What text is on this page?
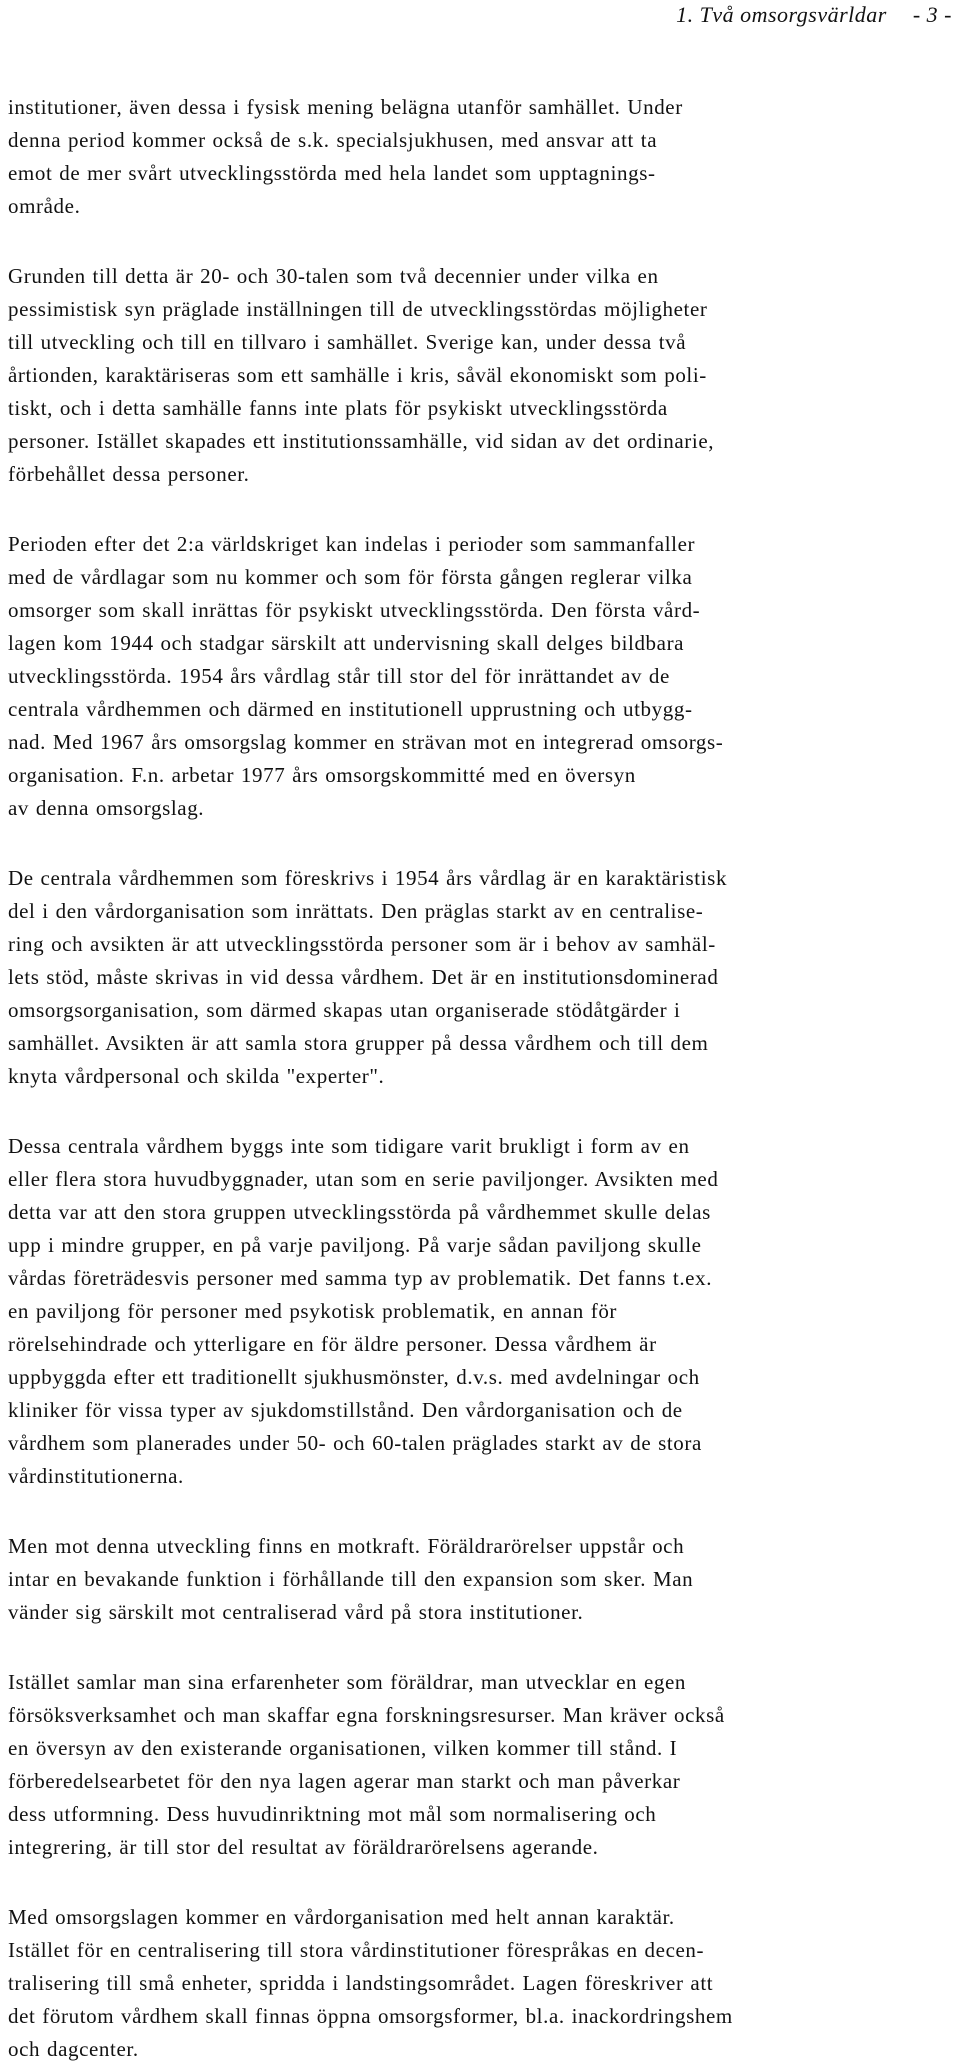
1. Två omsorgsvärldar - 3 -

institutioner, även dessa i fysisk mening belägna utanför samhället. Under
denna period kommer också de s.k. specialsjukhusen, med ansvar att ta
emot de mer svårt utvecklingsstörda med hela landet som upptagnings-
område.

Grunden till detta är 20- och 30-talen som två decennier under vilka en
pessimistisk syn präglade inställningen till de utvecklingsstördas möjligheter
till utveckling och till en tillvaro i samhället. Sverige kan, under dessa två
årtionden, karaktäriseras som ett samhälle i kris, såväl ekonomiskt som poli-
tiskt, och i detta samhälle fanns inte plats för psykiskt utvecklingsstörda
personer. Istället skapades ett institutionssamhälle, vid sidan av det ordinarie,
förbehållet dessa personer.

Perioden efter det 2:a världskriget kan indelas i perioder som sammanfaller
med de vårdlagar som nu kommer och som för första gången reglerar vilka
omsorger som skall inrättas för psykiskt utvecklingsstörda. Den första vård-
lagen kom 1944 och stadgar särskilt att undervisning skall delges bildbara
utvecklingsstörda. 1954 års vårdlag står till stor del för inrättandet av de
centrala vårdhemmen och därmed en institutionell upprustning och utbygg-
nad. Med 1967 års omsorgslag kommer en strävan mot en integrerad omsorgs-
organisation. F.n. arbetar 1977 års omsorgskommitté med en översyn
av denna omsorgslag.

De centrala vårdhemmen som föreskrivs i 1954 års vårdlag är en karaktäristisk
del i den vårdorganisation som inrättats. Den präglas starkt av en centralise-
ring och avsikten är att utvecklingsstörda personer som är i behov av samhäl-
lets stöd, måste skrivas in vid dessa vårdhem. Det är en institutionsdominerad
omsorgsorganisation, som därmed skapas utan organiserade stödåtgärder i
samhället. Avsikten är att samla stora grupper på dessa vårdhem och till dem
knyta vårdpersonal och skilda "experter".

Dessa centrala vårdhem byggs inte som tidigare varit brukligt i form av en
eller flera stora huvudbyggnader, utan som en serie paviljonger. Avsikten med
detta var att den stora gruppen utvecklingsstörda på vårdhemmet skulle delas
upp i mindre grupper, en på varje paviljong. På varje sådan paviljong skulle
vårdas företrädesvis personer med samma typ av problematik. Det fanns t.ex.
en paviljong för personer med psykotisk problematik, en annan för
rörelsehindrade och ytterligare en för äldre personer. Dessa vårdhem är
uppbyggda efter ett traditionellt sjukhusmönster, d.v.s. med avdelningar och
kliniker för vissa typer av sjukdomstillstånd. Den vårdorganisation och de
vårdhem som planerades under 50- och 60-talen präglades starkt av de stora
vårdinstitutionerna.

Men mot denna utveckling finns en motkraft. Föräldrarörelser uppstår och
intar en bevakande funktion i förhållande till den expansion som sker. Man
vänder sig särskilt mot centraliserad vård på stora institutioner.

Istället samlar man sina erfarenheter som föräldrar, man utvecklar en egen
försöksverksamhet och man skaffar egna forskningsresurser. Man kräver också
en översyn av den existerande organisationen, vilken kommer till stånd. I
förberedelsearbetet för den nya lagen agerar man starkt och man påverkar
dess utformning. Dess huvudinriktning mot mål som normalisering och
integrering, är till stor del resultat av föräldrarörelsens agerande.

Med omsorgslagen kommer en vårdorganisation med helt annan karaktär.
Istället för en centralisering till stora vårdinstitutioner förespråkas en decen-
tralisering till små enheter, spridda i landstingsområdet. Lagen föreskriver att
det förutom vårdhem skall finnas öppna omsorgsformer, bl.a. inackordringshem
och dagcenter.
